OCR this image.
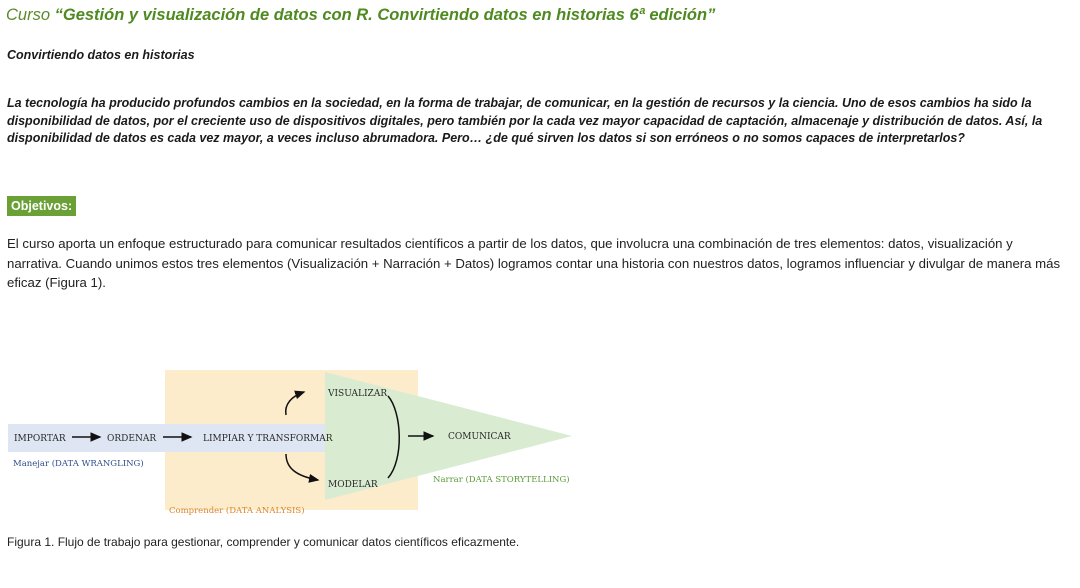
Curso “Gestión y visualización de datos con R. Convirtiendo datos en historias 6ª edición”
Convirtiendo datos en historias
La tecnología ha producido profundos cambios en la sociedad, en la forma de trabajar, de comunicar, en la gestión de recursos y la ciencia. Uno de esos cambios ha sido la disponibilidad de datos, por el creciente uso de dispositivos digitales, pero también por la cada vez mayor capacidad de captación, almacenaje y distribución de datos. Así, la disponibilidad de datos es cada vez mayor, a veces incluso abrumadora. Pero… ¿de qué sirven los datos si son erróneos o no somos capaces de interpretarlos?
Objetivos:
El curso aporta un enfoque estructurado para comunicar resultados científicos a partir de los datos, que involucra una combinación de tres elementos: datos, visualización y narrativa. Cuando unimos estos tres elementos (Visualización + Narración + Datos) logramos contar una historia con nuestros datos, logramos influenciar y divulgar de manera más eficaz (Figura 1).
IMPORTAR	ORDENAR	LIMPIAR Y TRANSFORMAR
VISUALIZAR
MODELAR
COMUNICAR
Manejar (DATA WRANGLING)
Narrar (DATA STORYTELLING)
Comprender (DATA ANALYSIS)
Figura 1. Flujo de trabajo para gestionar, comprender y comunicar datos científicos eficazmente.
